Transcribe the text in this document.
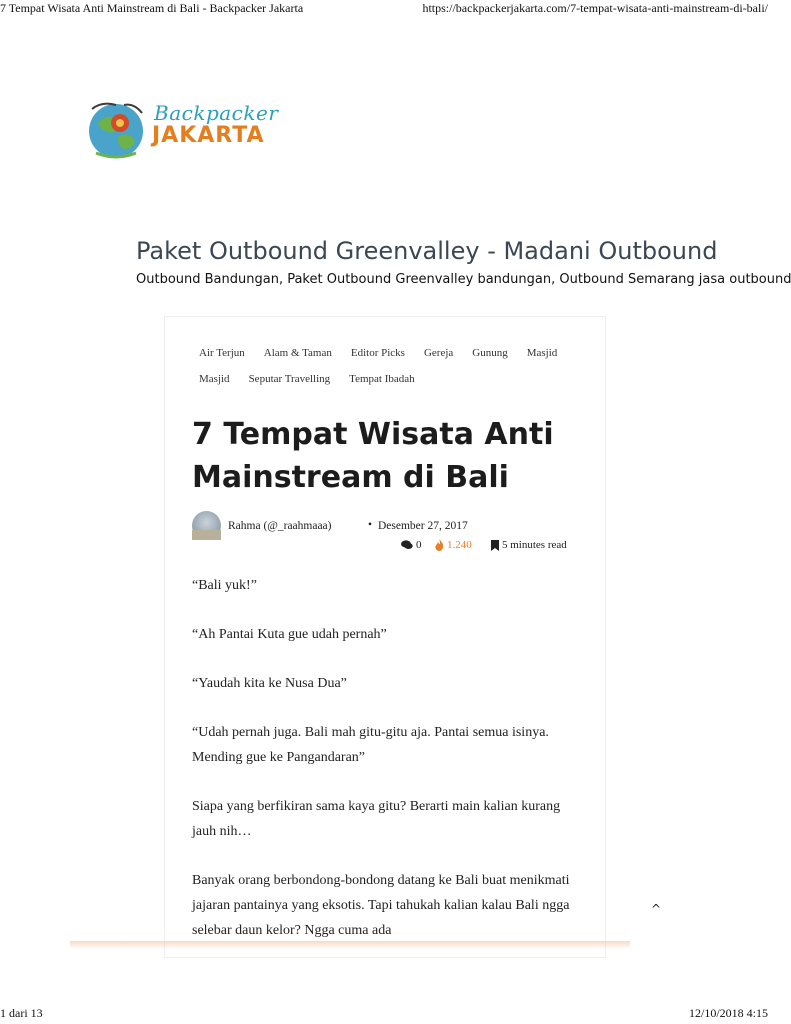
7 Tempat Wisata Anti Mainstream di Bali - Backpacker Jakarta	https://backpackerjakarta.com/7-tempat-wisata-anti-mainstream-di-bali/
Backpacker
JAKARTA
Paket Outbound Greenvalley - Madani Outbound
Outbound Bandungan, Paket Outbound Greenvalley bandungan, Outbound Semarang jasa outbound
Air Terjun Alam & Taman Editor Picks Gereja Gunung Masjid
Masjid Seputar Travelling Tempat Ibadah
7 Tempat Wisata Anti
Mainstream di Bali
Rahma (@_raahmaaa)	• Desember 27, 2017
0 1.240	5 minutes read

“Bali yuk!”

“Ah Pantai Kuta gue udah pernah”

“Yaudah kita ke Nusa Dua”

“Udah pernah juga. Bali mah gitu-gitu aja. Pantai semua isinya. Mending gue ke Pangandaran”

Siapa yang berfikiran sama kaya gitu? Berarti main kalian kurang jauh nih…

Banyak orang berbondong-bondong datang ke Bali buat menikmati jajaran pantainya yang eksotis. Tapi tahukah kalian kalau Bali ngga selebar daun kelor? Ngga cuma ada

^
1 dari 13	12/10/2018 4:15
